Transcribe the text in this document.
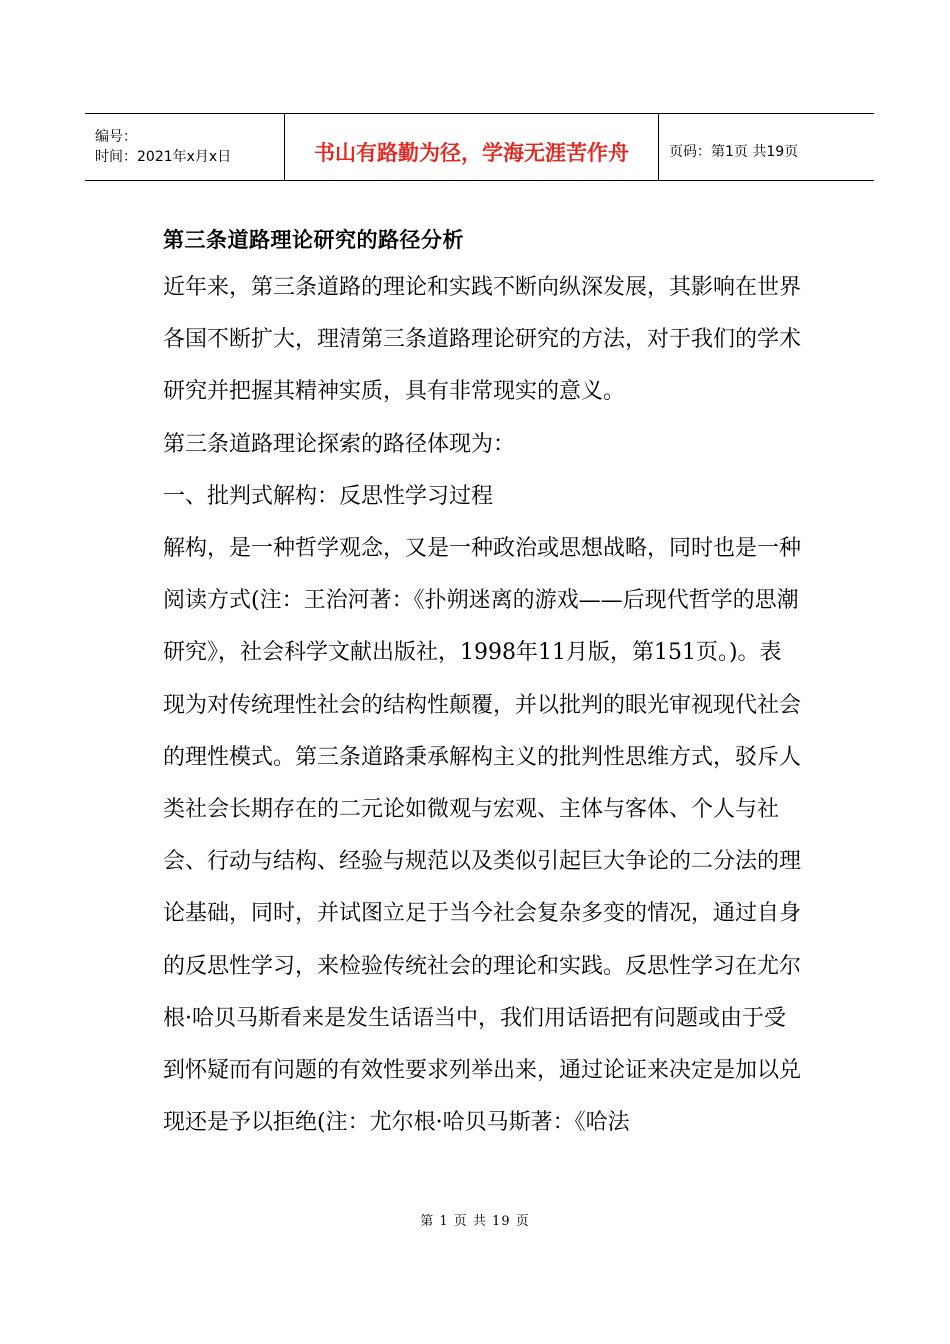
编号：
时间：2021年x月x日	书山有路勤为径，学海无涯苦作舟	页码：第1页 共19页
第三条道路理论研究的路径分析

近年来，第三条道路的理论和实践不断向纵深发展，其影响在世界各国不断扩大，理清第三条道路理论研究的方法，对于我们的学术研究并把握其精神实质，具有非常现实的意义。

第三条道路理论探索的路径体现为：

一、批判式解构：反思性学习过程

解构，是一种哲学观念，又是一种政治或思想战略，同时也是一种阅读方式(注：王治河著：《扑朔迷离的游戏——后现代哲学的思潮研究》，社会科学文献出版社，1998年11月版，第151页。)。表现为对传统理性社会的结构性颠覆，并以批判的眼光审视现代社会的理性模式。第三条道路秉承解构主义的批判性思维方式，驳斥人类社会长期存在的二元论如微观与宏观、主体与客体、个人与社会、行动与结构、经验与规范以及类似引起巨大争论的二分法的理论基础，同时，并试图立足于当今社会复杂多变的情况，通过自身的反思性学习，来检验传统社会的理论和实践。反思性学习在尤尔根·哈贝马斯看来是发生话语当中，我们用话语把有问题或由于受到怀疑而有问题的有效性要求列举出来，通过论证来决定是加以兑现还是予以拒绝(注：尤尔根·哈贝马斯著：《哈法

第 1 页 共 19 页
